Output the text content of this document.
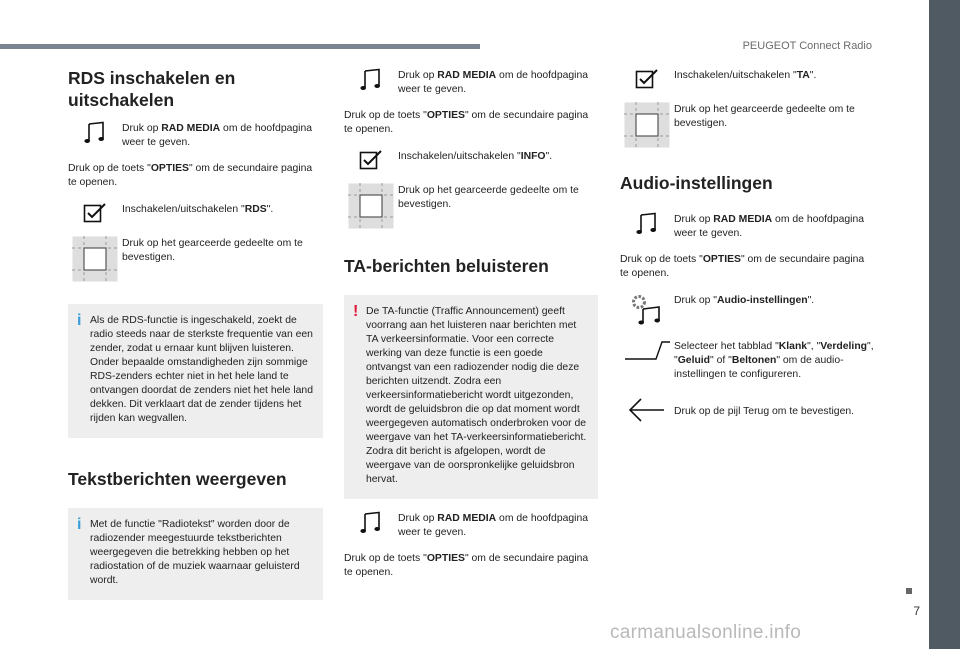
PEUGEOT Connect Radio
7
carmanualsonline.info
RDS inschakelen en uitschakelen
Druk op RAD MEDIA om de hoofdpagina weer te geven.
Druk op de toets "OPTIES" om de secundaire pagina te openen.
Inschakelen/uitschakelen "RDS".
Druk op het gearceerde gedeelte om te bevestigen.
i Als de RDS-functie is ingeschakeld, zoekt de radio steeds naar de sterkste frequentie van een zender, zodat u ernaar kunt blijven luisteren. Onder bepaalde omstandigheden zijn sommige RDS-zenders echter niet in het hele land te ontvangen doordat de zenders niet het hele land dekken. Dit verklaart dat de zender tijdens het rijden kan wegvallen.
Tekstberichten weergeven
i Met de functie "Radiotekst" worden door de radiozender meegestuurde tekstberichten weergegeven die betrekking hebben op het radiostation of de muziek waarnaar geluisterd wordt.
Druk op RAD MEDIA om de hoofdpagina weer te geven.
Druk op de toets "OPTIES" om de secundaire pagina te openen.
Inschakelen/uitschakelen "INFO".
Druk op het gearceerde gedeelte om te bevestigen.
TA-berichten beluisteren
! De TA-functie (Traffic Announcement) geeft voorrang aan het luisteren naar berichten met TA verkeersinformatie. Voor een correcte werking van deze functie is een goede ontvangst van een radiozender nodig die deze berichten uitzendt. Zodra een verkeersinformatiebericht wordt uitgezonden, wordt de geluidsbron die op dat moment wordt weergegeven automatisch onderbroken voor de weergave van het TA-verkeersinformatiebericht. Zodra dit bericht is afgelopen, wordt de weergave van de oorspronkelijke geluidsbron hervat.
Druk op RAD MEDIA om de hoofdpagina weer te geven.
Druk op de toets "OPTIES" om de secundaire pagina te openen.
Inschakelen/uitschakelen "TA".
Druk op het gearceerde gedeelte om te bevestigen.
Audio-instellingen
Druk op RAD MEDIA om de hoofdpagina weer te geven.
Druk op de toets "OPTIES" om de secundaire pagina te openen.
Druk op "Audio-instellingen".
Selecteer het tabblad "Klank", "Verdeling", "Geluid" of "Beltonen" om de audio-instellingen te configureren.
Druk op de pijl Terug om te bevestigen.
